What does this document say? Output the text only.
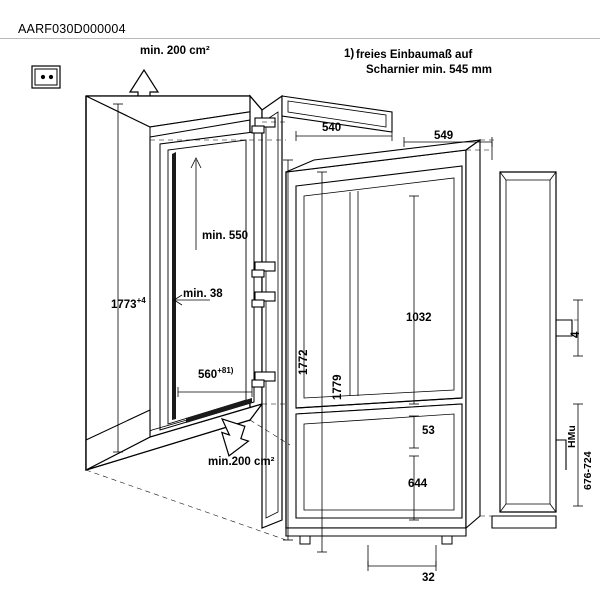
AARF030D000004
min. 200 cm²
min.200 cm²
1) freies Einbaumaß auf
Scharnier min. 545 mm
540
549
min. 550
min. 38
$1773^{+4}$
$560^{+81)}$	1772
1779
1032
53
644
32
4
HMu
676-724
